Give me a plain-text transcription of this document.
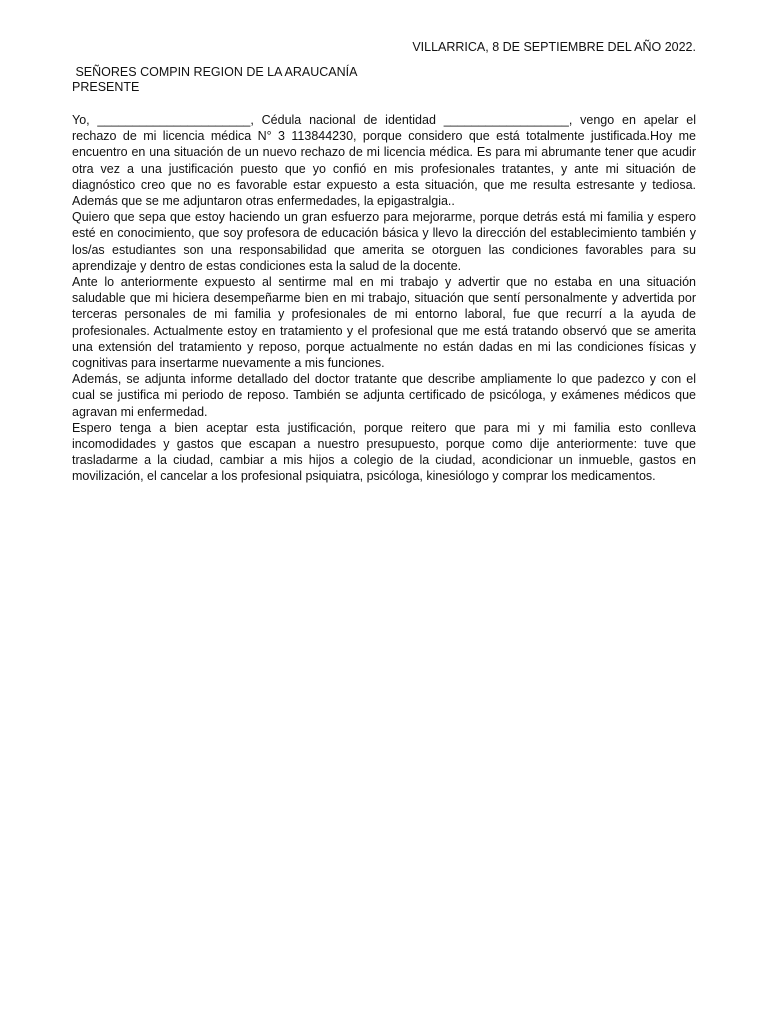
VILLARRICA, 8 DE SEPTIEMBRE DEL AÑO 2022.
SEÑORES COMPIN REGION DE LA ARAUCANÍA
PRESENTE

Yo, ______________________, Cédula nacional de identidad __________________, vengo en apelar el rechazo de mi licencia médica N° 3 113844230, porque considero que está totalmente justificada.Hoy me encuentro en una situación de un nuevo rechazo de mi licencia médica. Es para mi abrumante tener que acudir otra vez a una justificación puesto que yo confió en mis profesionales tratantes, y ante mi situación de diagnóstico creo que no es favorable estar expuesto a esta situación, que me resulta estresante y tediosa. Además que se me adjuntaron otras enfermedades, la epigastralgia..

Quiero que sepa que estoy haciendo un gran esfuerzo para mejorarme, porque detrás está mi familia y espero esté en conocimiento, que soy profesora de educación básica y llevo la dirección del establecimiento también y los/as estudiantes son una responsabilidad que amerita se otorguen las condiciones favorables para su aprendizaje y dentro de estas condiciones esta la salud de la docente.

Ante lo anteriormente expuesto al sentirme mal en mi trabajo y advertir que no estaba en una situación saludable que mi hiciera desempeñarme bien en mi trabajo, situación que sentí personalmente y advertida por terceras personales de mi familia y profesionales de mi entorno laboral, fue que recurrí a la ayuda de profesionales. Actualmente estoy en tratamiento y el profesional que me está tratando observó que se amerita una extensión del tratamiento y reposo, porque actualmente no están dadas en mi las condiciones físicas y cognitivas para insertarme nuevamente a mis funciones.

Además, se adjunta informe detallado del doctor tratante que describe ampliamente lo que padezco y con el cual se justifica mi periodo de reposo. También se adjunta certificado de psicóloga, y exámenes médicos que agravan mi enfermedad.

Espero tenga a bien aceptar esta justificación, porque reitero que para mi y mi familia esto conlleva incomodidades y gastos que escapan a nuestro presupuesto, porque como dije anteriormente: tuve que trasladarme a la ciudad, cambiar a mis hijos a colegio de la ciudad, acondicionar un inmueble, gastos en movilización, el cancelar a los profesional psiquiatra, psicóloga, kinesiólogo y comprar los medicamentos.
